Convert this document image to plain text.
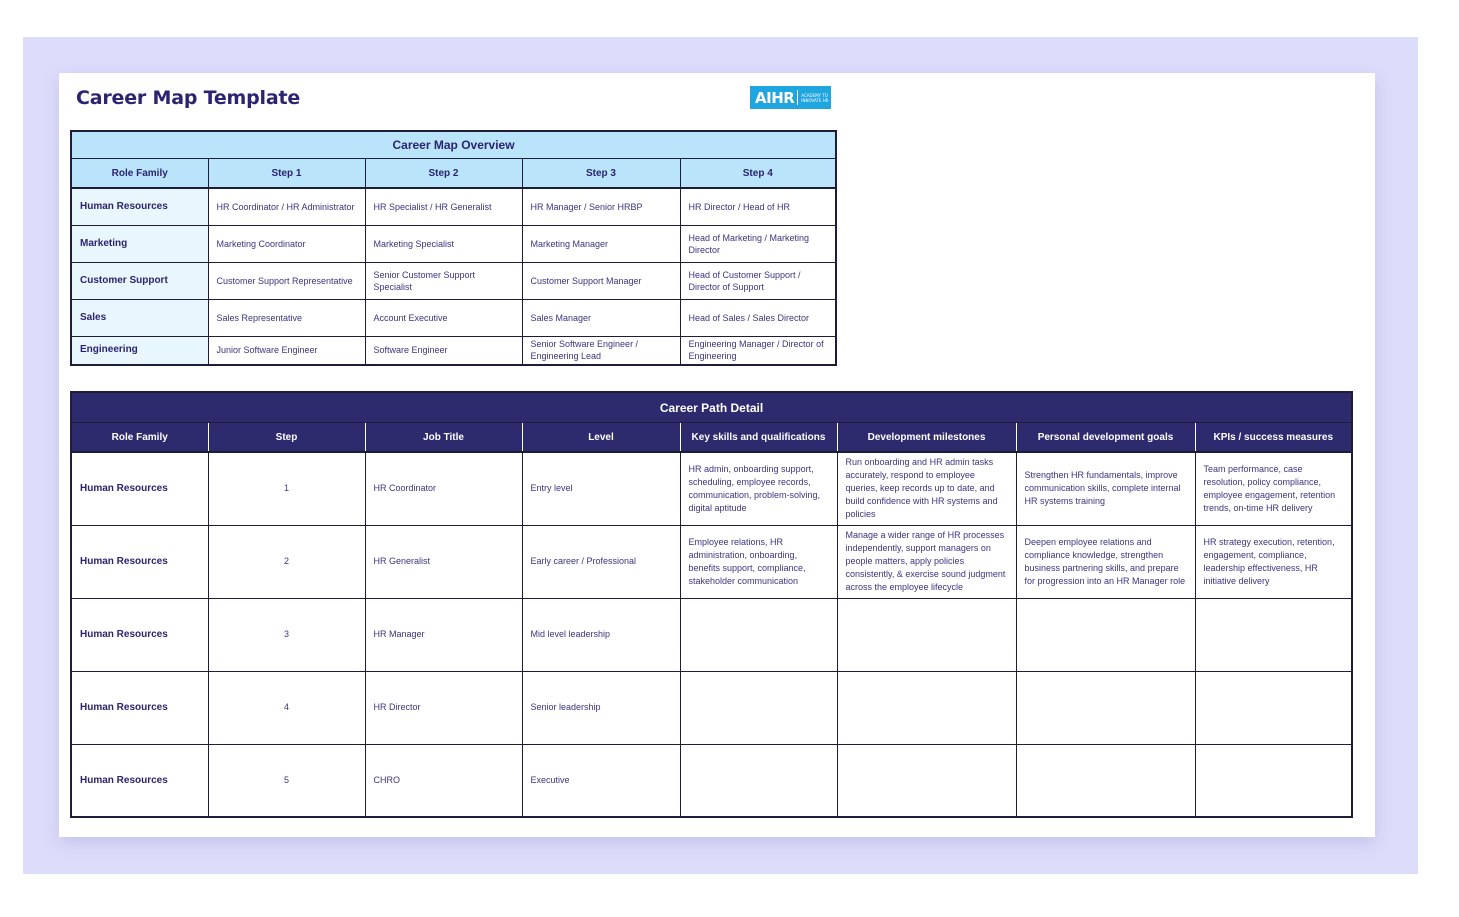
Career Map Template	AIHR ACADEMY TO
INNOVATE HR
Career Map Overview				
Role Family	Step 1	Step 2	Step 3	Step 4
Human Resources	HR Coordinator / HR Administrator	HR Specialist / HR Generalist	HR Manager / Senior HRBP	HR Director / Head of HR
Marketing	Marketing Coordinator	Marketing Specialist	Marketing Manager	Head of Marketing / Marketing Director
Customer Support	Customer Support Representative	Senior Customer Support Specialist	Customer Support Manager	Head of Customer Support / Director of Support
Sales	Sales Representative	Account Executive	Sales Manager	Head of Sales / Sales Director
Engineering	Junior Software Engineer	Software Engineer	Senior Software Engineer / Engineering Lead	Engineering Manager / Director of Engineering
Career Path Detail							
Role Family	Step	Job Title	Level	Key skills and qualifications	Development milestones	Personal development goals	KPIs / success measures
Human Resources	1	HR Coordinator	Entry level	HR admin, onboarding support, scheduling, employee records, communication, problem-solving, digital aptitude	Run onboarding and HR admin tasks accurately, respond to employee queries, keep records up to date, and build confidence with HR systems and policies	Strengthen HR fundamentals, improve communication skills, complete internal HR systems training	Team performance, case resolution, policy compliance, employee engagement, retention trends, on-time HR delivery
Human Resources	2	HR Generalist	Early career / Professional	Employee relations, HR administration, onboarding, benefits support, compliance, stakeholder communication	Manage a wider range of HR processes independently, support managers on people matters, apply policies consistently, & exercise sound judgment across the employee lifecycle	Deepen employee relations and compliance knowledge, strengthen business partnering skills, and prepare for progression into an HR Manager role	HR strategy execution, retention, engagement, compliance, leadership effectiveness, HR initiative delivery
Human Resources	3	HR Manager	Mid level leadership				
Human Resources	4	HR Director	Senior leadership				
Human Resources	5	CHRO	Executive				
